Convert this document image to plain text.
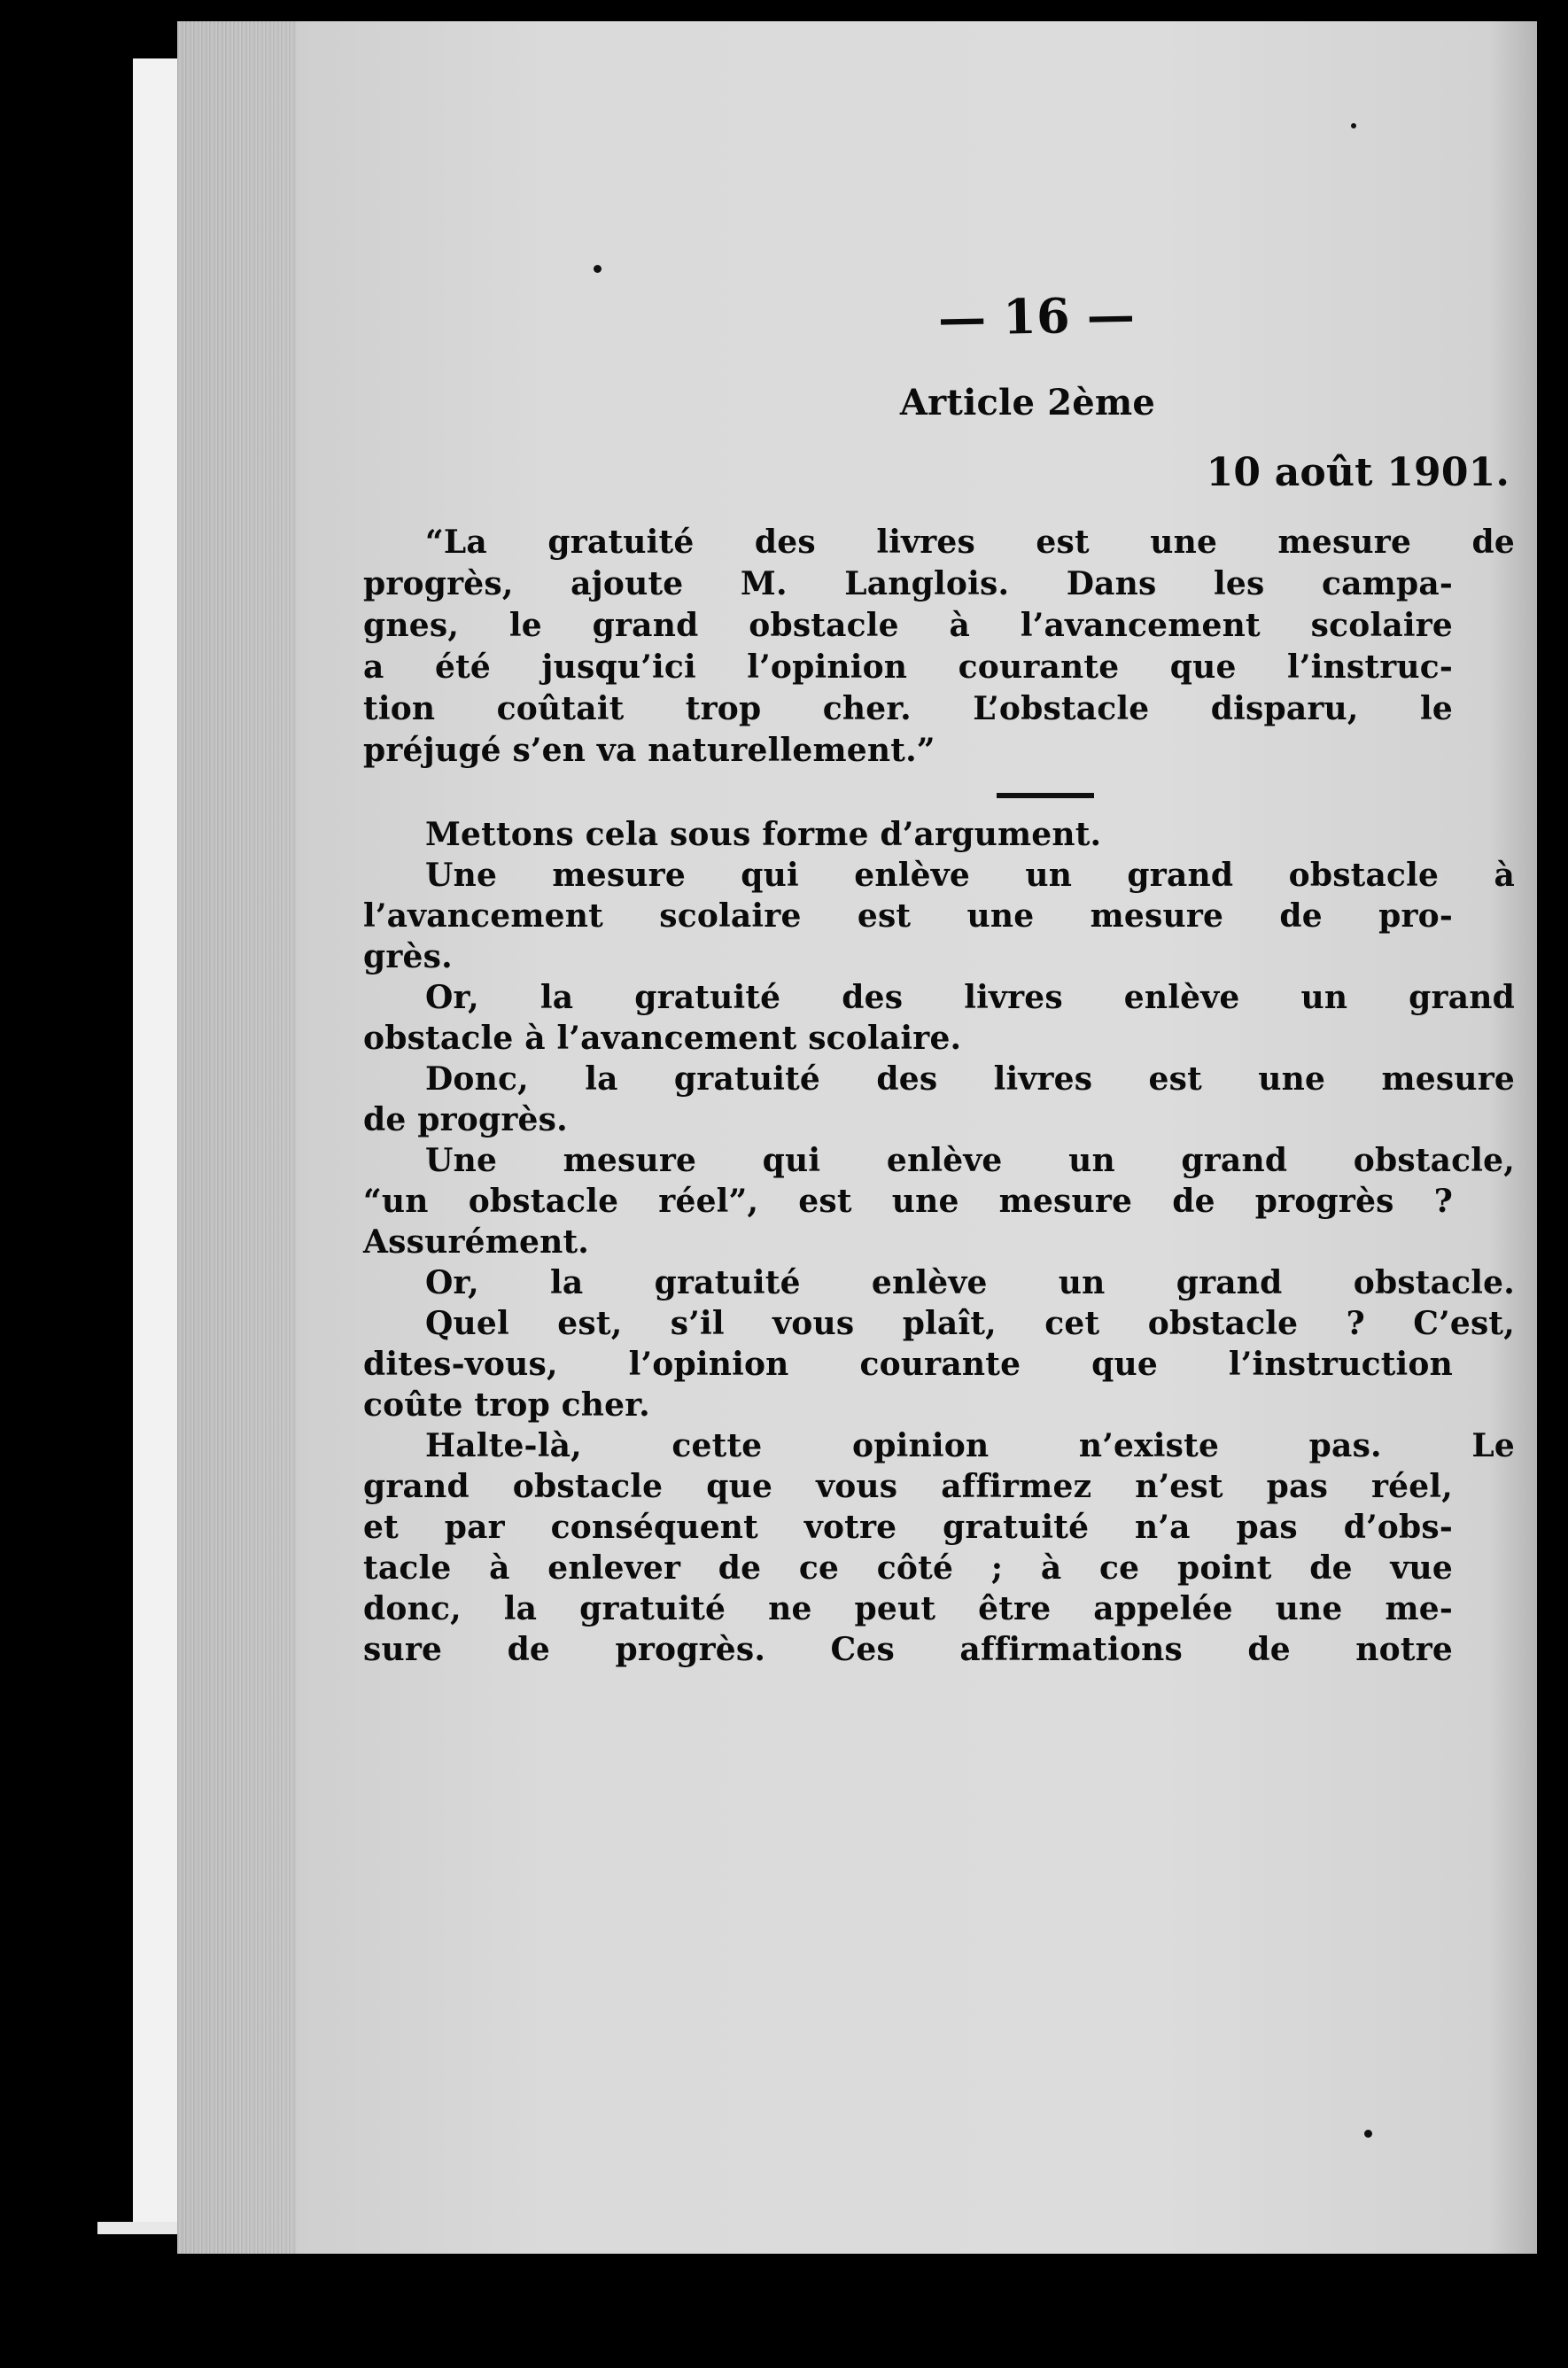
— 16 —
Article 2ème
10 août 1901.
“La gratuité des livres est une mesure de
progrès, ajoute M. Langlois. Dans les campa-
gnes, le grand obstacle à l’avancement scolaire
a été jusqu’ici l’opinion courante que l’instruc-
tion coûtait trop cher. L’obstacle disparu, le
préjugé s’en va naturellement.”
Mettons cela sous forme d’argument.
Une mesure qui enlève un grand obstacle à
l’avancement scolaire est une mesure de pro-
grès.
Or, la gratuité des livres enlève un grand
obstacle à l’avancement scolaire.
Donc, la gratuité des livres est une mesure
de progrès.
Une mesure qui enlève un grand obstacle,
“un obstacle réel”, est une mesure de progrès ?
Assurément.
Or, la gratuité enlève un grand obstacle.
Quel est, s’il vous plaît, cet obstacle ? C’est,
dites-vous, l’opinion courante que l’instruction
coûte trop cher.
Halte-là, cette opinion n’existe pas. Le
grand obstacle que vous affirmez n’est pas réel,
et par conséquent votre gratuité n’a pas d’obs-
tacle à enlever de ce côté ; à ce point de vue
donc, la gratuité ne peut être appelée une me-
sure de progrès. Ces affirmations de notre
